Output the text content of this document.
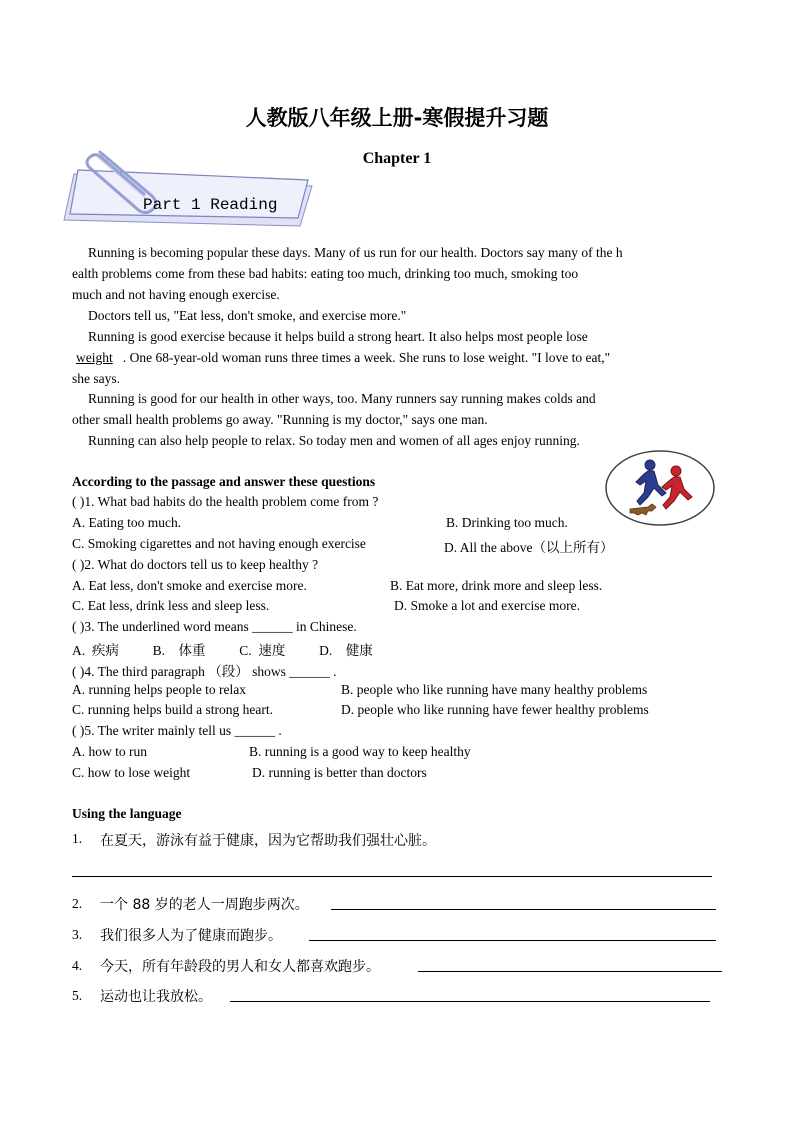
人教版八年级上册-寒假提升习题
Chapter 1
Part 1 Reading
Running is becoming popular these days. Many of us run for our health. Doctors say many of the h
ealth problems come from these bad habits: eating too much, drinking too much, smoking too
much and not having enough exercise.
Doctors tell us, "Eat less, don't smoke, and exercise more."
Running is good exercise because it helps build a strong heart. It also helps most people lose
weight . One 68-year-old woman runs three times a week. She runs to lose weight. "I love to eat,"
she says.
Running is good for our health in other ways, too. Many runners say running makes colds and
other small health problems go away. "Running is my doctor," says one man.
Running can also help people to relax. So today men and women of all ages enjoy running.
According to the passage and answer these questions
( )1. What bad habits do the health problem come from ?
A. Eating too much.	B. Drinking too much.
C. Smoking cigarettes and not having enough exercise	D. All the above（以上所有）
( )2. What do doctors tell us to keep healthy ?
A. Eat less, don't smoke and exercise more.	B. Eat more, drink more and sleep less.
C. Eat less, drink less and sleep less.	D. Smoke a lot and exercise more.
( )3. The underlined word means ______ in Chinese.
A.  疾病          B.    体重          C.  速度          D.    健康
( )4. The third paragraph （段） shows ______ .
A. running helps people to relax	B. people who like running have many healthy problems
C. running helps build a strong heart.	D. people who like running have fewer healthy problems
( )5. The writer mainly tell us ______ .
A. how to run	B. running is a good way to keep healthy
C. how to lose weight	D. running is better than doctors
Using the language
1. 在夏天，游泳有益于健康，因为它帮助我们强壮心脏。
2. 一个 88 岁的老人一周跑步两次。
3. 我们很多人为了健康而跑步。
4. 今天，所有年龄段的男人和女人都喜欢跑步。
5. 运动也让我放松。
